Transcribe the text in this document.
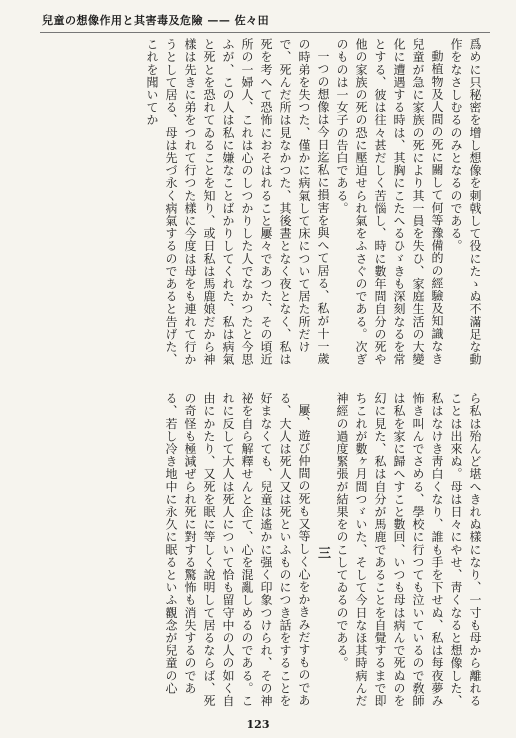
兒童の想像作用と其害毒及危險 —— 佐々田

爲めに只秘密を增し想像を刺戟して役にたゝぬ不滿足な動作をなさしむるのみとなるのである。

動植物及人間の死に關して何等豫備的の經驗及知識なき兒童が急に家族の死により其一員を失ひ、家庭生活の大變化に遭遇する時は、其胸にこたへるひゞきも深刻なるを常とする、彼は往々甚だしく苦惱し、時に數年間自分の死や他の家族の死の恐に壓迫せられ氣をふさぐのである。次ぎのものは一女子の告白である。

一つの想像は今日迄私に損害を與へて居る、私が十一歲の時弟を失つた、僅かに病氣して床について居た所だけで、死んだ所は見なかつた、其後晝となく夜となく、私は死を考へて恐怖におそはれること屢々であつた、その頃近所の一婦人、これは心のしつかりした人でなかつたと今思ふが、この人は私に嫌なことばかりしてくれた、私は病氣と死とを恐れてゐることを知り、或日私は馬鹿娘だから神樣は先きに弟をつれて行つた樣に今度は母をも連れて行かうとして居る、母は先づ永く病氣するのであると告げた、これを聞いてか

ら私は殆んど堪へきれぬ樣になり、一寸も母から離れることは出來ぬ。母は日々にやせ、靑くなると想像した、私はなけき靑白くなり、誰も手を下せぬ、私は每夜夢み怖き叫んでさめる、學校に行つても泣いているので敎師は私を家に歸へすこと數回、いつも母は病んで死ぬのを幻に見た、私は自分が馬鹿であることを自覺するまで即ちこれが數ヶ月間つゞいた、そして今日なほ其時病んだ神經の過度緊張が結果をのこしてゐるのである。

三

屢、遊び仲間の死も又等しく心をかきみだすものである、大人は死人又は死といふものにつき話をすることを好まなくても、兒童は遙かに强く印象つけられ、その神祕を自ら解釋せんと企て、心を混亂しめるのである。これに反して大人は死人について恰も留守中の人の如く自由にかたり、又死を眠に等しく說明して居るならば、死の奇怪も極減ぜられ死に對する驚怖も消失するのである、若し冷き地中に永久に眠るといふ觀念が兒童の心

123
